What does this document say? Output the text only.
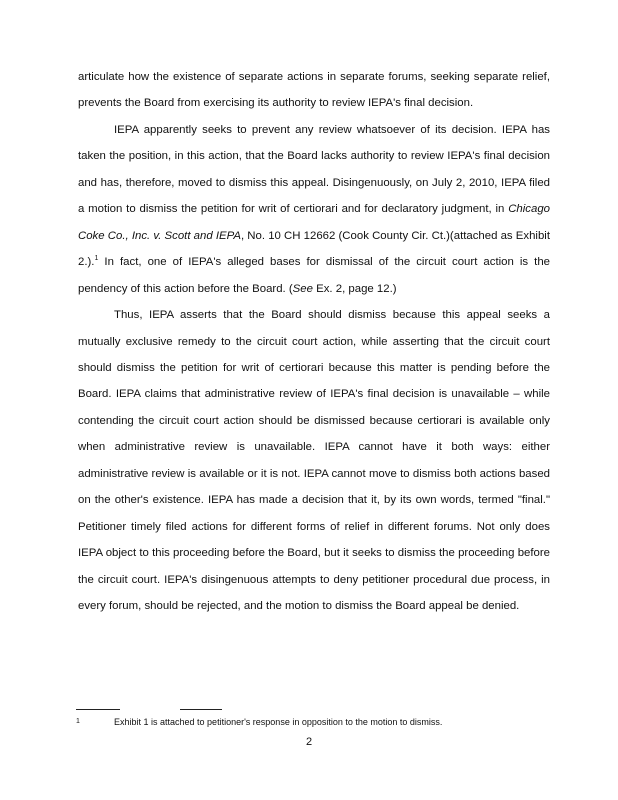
articulate how the existence of separate actions in separate forums, seeking separate relief, prevents the Board from exercising its authority to review IEPA's final decision.

IEPA apparently seeks to prevent any review whatsoever of its decision. IEPA has taken the position, in this action, that the Board lacks authority to review IEPA's final decision and has, therefore, moved to dismiss this appeal. Disingenuously, on July 2, 2010, IEPA filed a motion to dismiss the petition for writ of certiorari and for declaratory judgment, in Chicago Coke Co., Inc. v. Scott and IEPA, No. 10 CH 12662 (Cook County Cir. Ct.)(attached as Exhibit 2.).$^1$ In fact, one of IEPA's alleged bases for dismissal of the circuit court action is the pendency of this action before the Board. (See Ex. 2, page 12.)

Thus, IEPA asserts that the Board should dismiss because this appeal seeks a mutually exclusive remedy to the circuit court action, while asserting that the circuit court should dismiss the petition for writ of certiorari because this matter is pending before the Board. IEPA claims that administrative review of IEPA's final decision is unavailable – while contending the circuit court action should be dismissed because certiorari is available only when administrative review is unavailable. IEPA cannot have it both ways: either administrative review is available or it is not. IEPA cannot move to dismiss both actions based on the other's existence. IEPA has made a decision that it, by its own words, termed "final." Petitioner timely filed actions for different forms of relief in different forums. Not only does IEPA object to this proceeding before the Board, but it seeks to dismiss the proceeding before the circuit court. IEPA's disingenuous attempts to deny petitioner procedural due process, in every forum, should be rejected, and the motion to dismiss the Board appeal be denied.

1	Exhibit 1 is attached to petitioner's response in opposition to the motion to dismiss.
2
